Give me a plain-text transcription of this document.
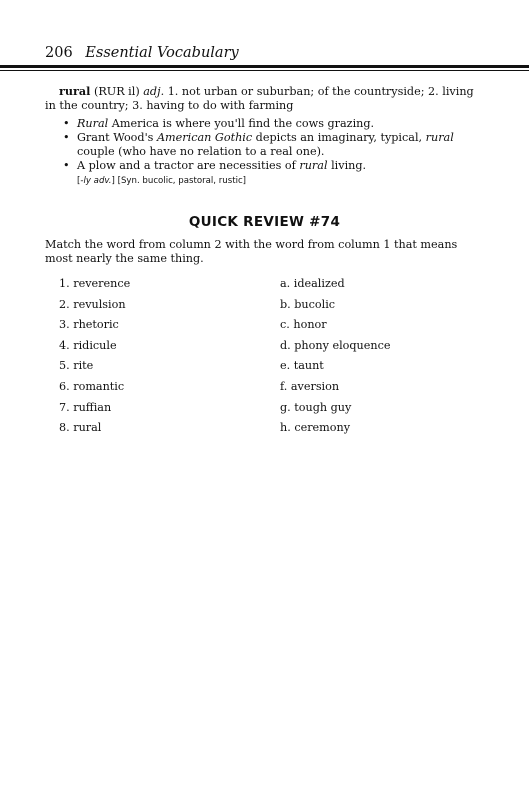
206 Essential Vocabulary

rural (RUR il) adj. 1. not urban or suburban; of the countryside; 2. living in the country; 3. having to do with farming

• Rural America is where you'll find the cows grazing.
• Grant Wood's American Gothic depicts an imaginary, typical, rural couple (who have no relation to a real one).
• A plow and a tractor are necessities of rural living.
[-ly adv.] [Syn. bucolic, pastoral, rustic]
QUICK REVIEW #74
Match the word from column 2 with the word from column 1 that means most nearly the same thing.
1. reverence
2. revulsion
3. rhetoric
4. ridicule
5. rite
6. romantic
7. ruffian
8. rural
a. idealized
b. bucolic
c. honor
d. phony eloquence
e. taunt
f. aversion
g. tough guy
h. ceremony
